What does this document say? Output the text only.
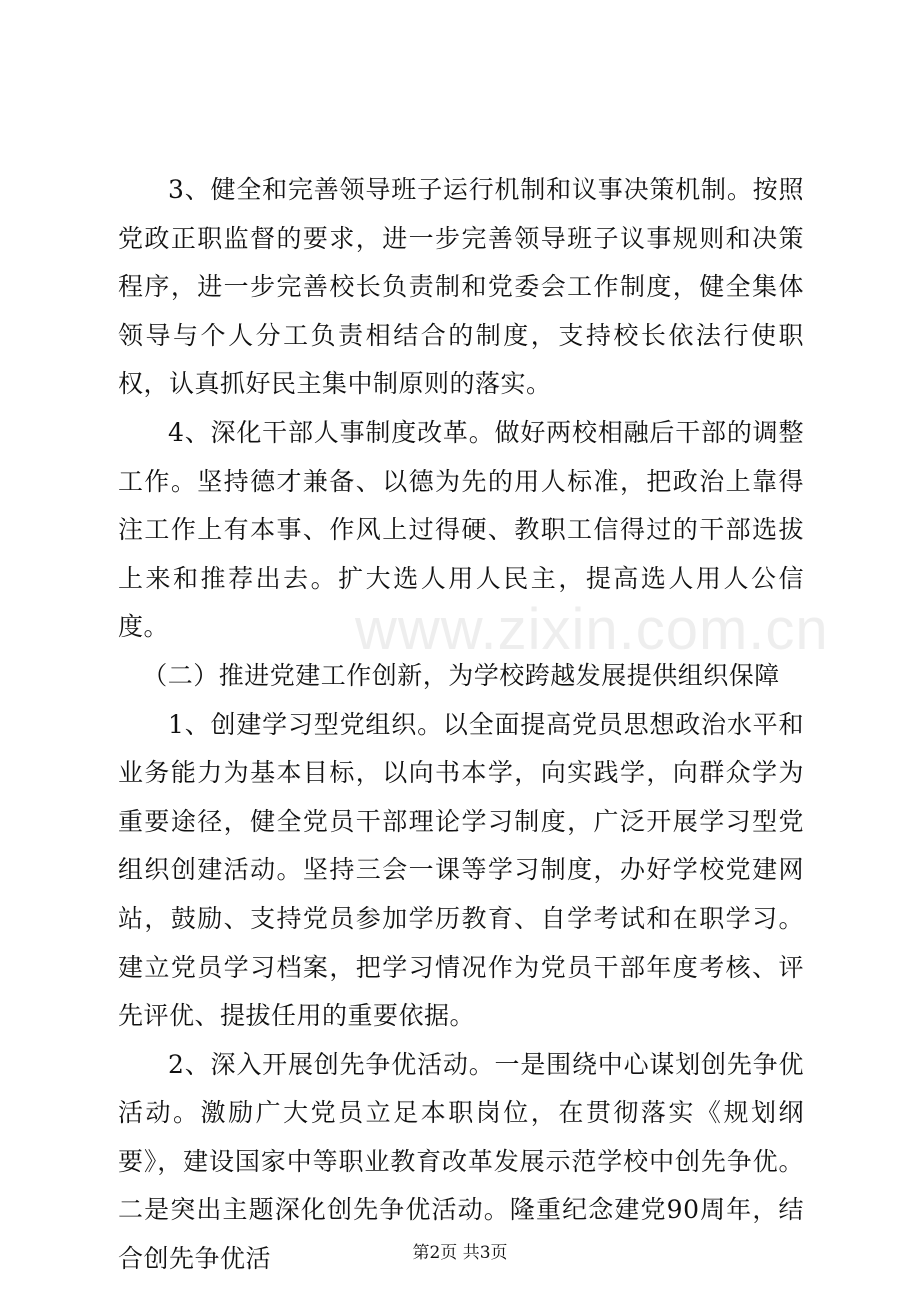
3、健全和完善领导班子运行机制和议事决策机制。按照党政正职监督的要求，进一步完善领导班子议事规则和决策程序，进一步完善校长负责制和党委会工作制度，健全集体领导与个人分工负责相结合的制度，支持校长依法行使职权，认真抓好民主集中制原则的落实。

4、深化干部人事制度改革。做好两校相融后干部的调整工作。坚持德才兼备、以德为先的用人标准，把政治上靠得注工作上有本事、作风上过得硬、教职工信得过的干部选拔上来和推荐出去。扩大选人用人民主，提高选人用人公信度。

（二）推进党建工作创新，为学校跨越发展提供组织保障

1、创建学习型党组织。以全面提高党员思想政治水平和业务能力为基本目标，以向书本学，向实践学，向群众学为重要途径，健全党员干部理论学习制度，广泛开展学习型党组织创建活动。坚持三会一课等学习制度，办好学校党建网站，鼓励、支持党员参加学历教育、自学考试和在职学习。建立党员学习档案，把学习情况作为党员干部年度考核、评先评优、提拔任用的重要依据。

2、深入开展创先争优活动。一是围绕中心谋划创先争优活动。激励广大党员立足本职岗位，在贯彻落实《规划纲要》，建设国家中等职业教育改革发展示范学校中创先争优。二是突出主题深化创先争优活动。隆重纪念建党90周年，结合创先争优活

www.zixin.com.cn
第2页 共3页
